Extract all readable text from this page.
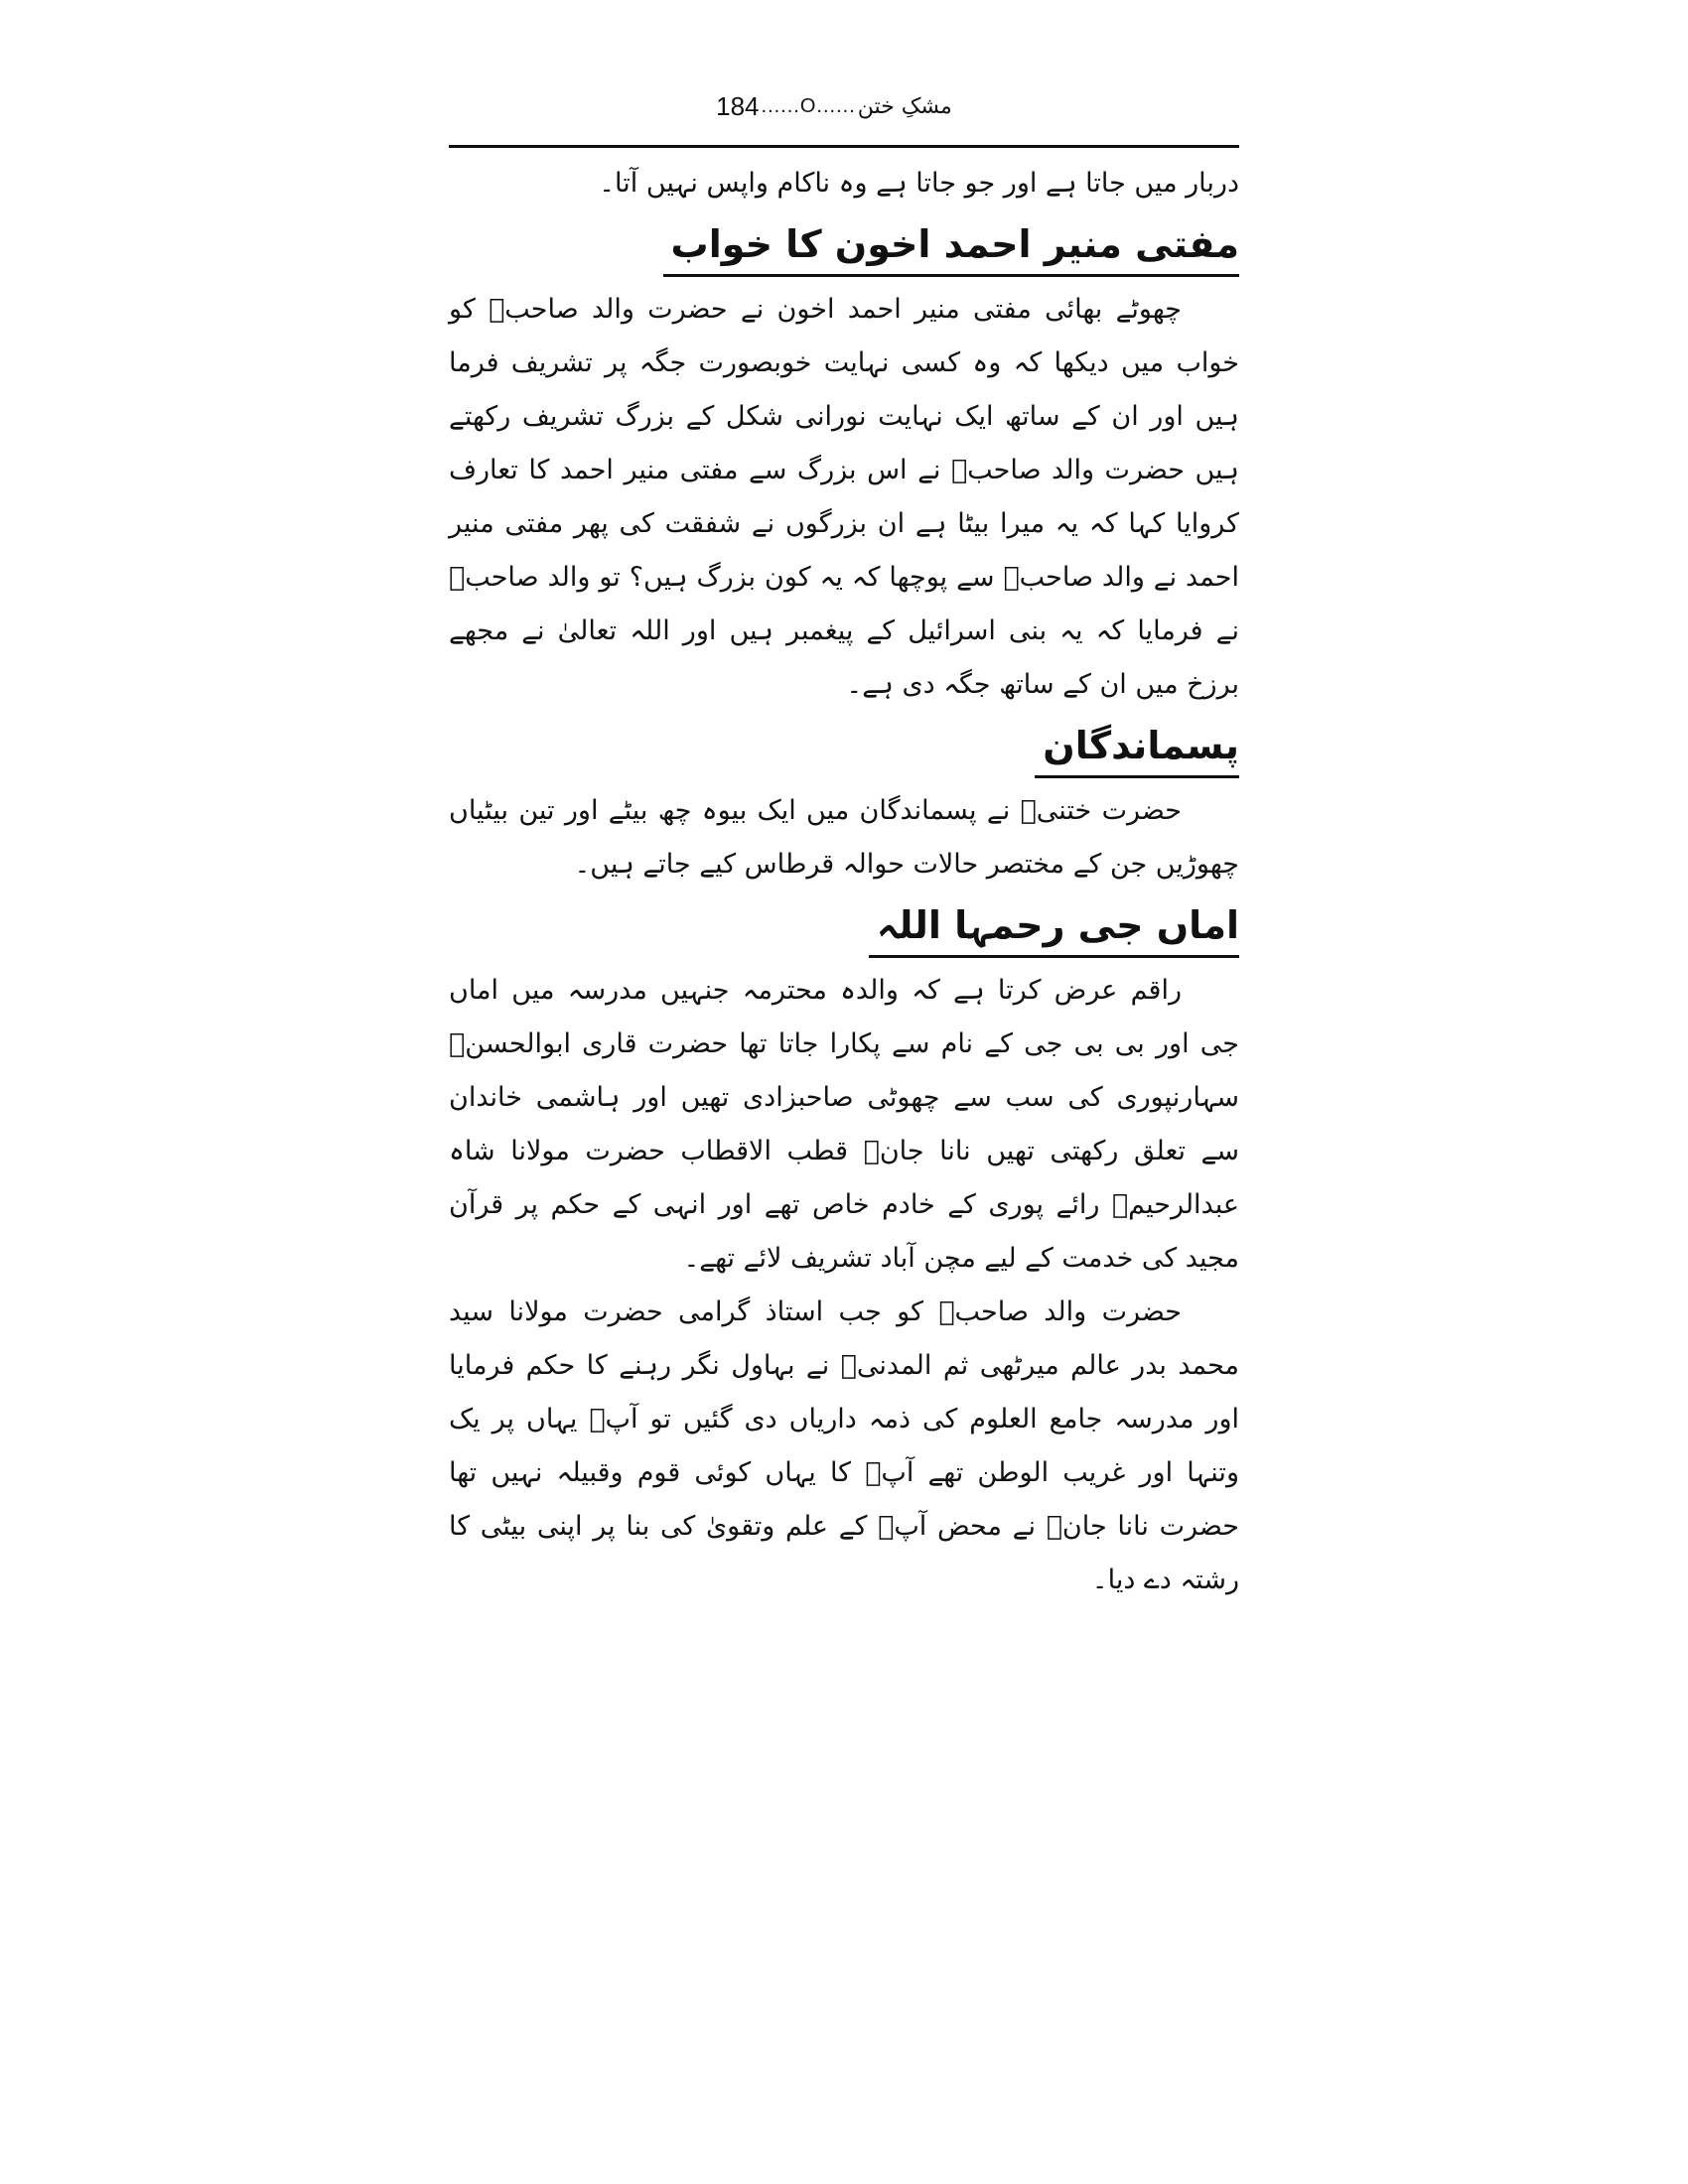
184 ......O......مشکِ ختن

دربار میں جاتا ہے اور جو جاتا ہے وہ ناکام واپس نہیں آتا۔

مفتی منیر احمد اخون کا خواب

چھوٹے بھائی مفتی منیر احمد اخون نے حضرت والد صاحبؒ کو خواب میں دیکھا کہ وہ کسی نہایت خوبصورت جگہ پر تشریف فرما ہیں اور ان کے ساتھ ایک نہایت نورانی شکل کے بزرگ تشریف رکھتے ہیں حضرت والد صاحبؒ نے اس بزرگ سے مفتی منیر احمد کا تعارف کروایا کہا کہ یہ میرا بیٹا ہے ان بزرگوں نے شفقت کی پھر مفتی منیر احمد نے والد صاحبؒ سے پوچھا کہ یہ کون بزرگ ہیں؟ تو والد صاحبؒ نے فرمایا کہ یہ بنی اسرائیل کے پیغمبر ہیں اور اللہ تعالیٰ نے مجھے برزخ میں ان کے ساتھ جگہ دی ہے۔

پسماندگان

حضرت ختنیؒ نے پسماندگان میں ایک بیوہ چھ بیٹے اور تین بیٹیاں چھوڑیں جن کے مختصر حالات حوالہ قرطاس کیے جاتے ہیں۔

اماں جی رحمہا اللہ

راقم عرض کرتا ہے کہ والدہ محترمہ جنہیں مدرسہ میں اماں جی اور بی بی جی کے نام سے پکارا جاتا تھا حضرت قاری ابوالحسنؒ سہارنپوری کی سب سے چھوٹی صاحبزادی تھیں اور ہاشمی خاندان سے تعلق رکھتی تھیں نانا جانؒ قطب الاقطاب حضرت مولانا شاہ عبدالرحیمؒ رائے پوری کے خادم خاص تھے اور انہی کے حکم پر قرآن مجید کی خدمت کے لیے مچن آباد تشریف لائے تھے۔

حضرت والد صاحبؒ کو جب استاذ گرامی حضرت مولانا سید محمد بدر عالم میرٹھی ثم المدنیؒ نے بہاول نگر رہنے کا حکم فرمایا اور مدرسہ جامع العلوم کی ذمہ داریاں دی گئیں تو آپؒ یہاں پر یک وتنہا اور غریب الوطن تھے آپؒ کا یہاں کوئی قوم وقبیلہ نہیں تھا حضرت نانا جانؒ نے محض آپؒ کے علم وتقویٰ کی بنا پر اپنی بیٹی کا رشتہ دے دیا۔
